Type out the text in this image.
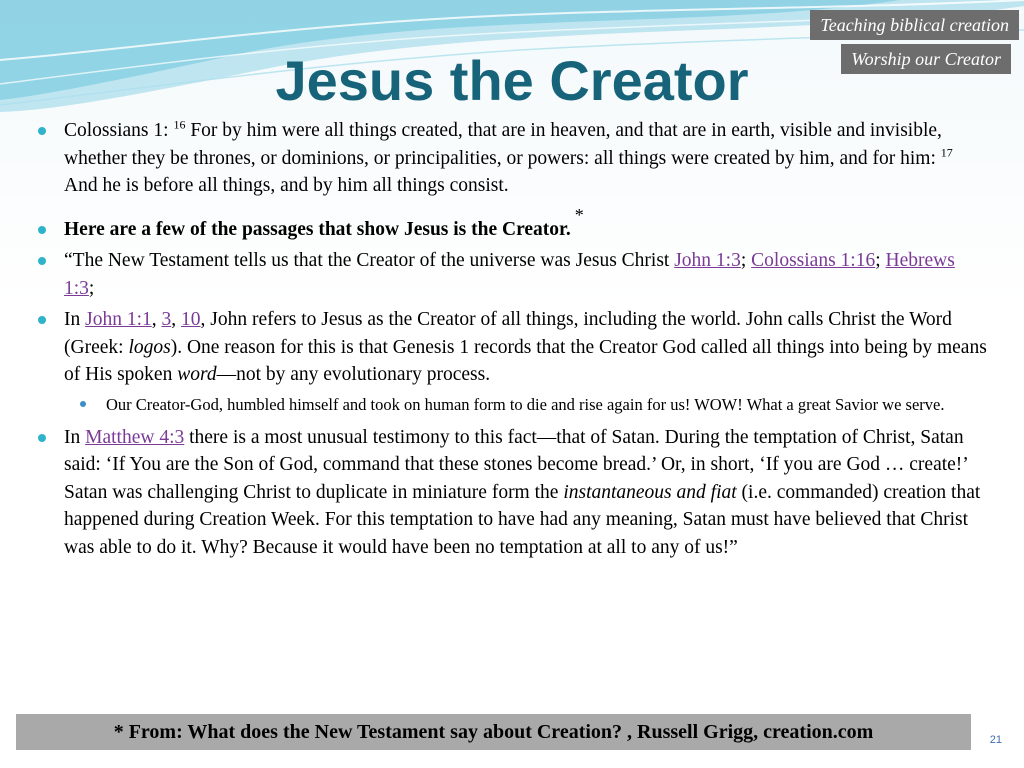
Teaching biblical creation
Worship our Creator
Jesus the Creator
Colossians 1: $^{16}$ For by him were all things created, that are in heaven, and that are in earth, visible and invisible, whether they be thrones, or dominions, or principalities, or powers: all things were created by him, and for him: $^{17}$ And he is before all things, and by him all things consist.
Here are a few of the passages that show Jesus is the Creator.*
“The New Testament tells us that the Creator of the universe was Jesus Christ John 1:3; Colossians 1:16; Hebrews 1:3;
In John 1:1, 3, 10, John refers to Jesus as the Creator of all things, including the world. John calls Christ the Word (Greek: logos). One reason for this is that Genesis 1 records that the Creator God called all things into being by means of His spoken word—not by any evolutionary process.
Our Creator-God, humbled himself and took on human form to die and rise again for us! WOW! What a great Savior we serve.
In Matthew 4:3 there is a most unusual testimony to this fact—that of Satan. During the temptation of Christ, Satan said: ‘If You are the Son of God, command that these stones become bread.’ Or, in short, ‘If you are God … create!’ Satan was challenging Christ to duplicate in miniature form the instantaneous and fiat (i.e. commanded) creation that happened during Creation Week. For this temptation to have had any meaning, Satan must have believed that Christ was able to do it. Why? Because it would have been no temptation at all to any of us!”
* From: What does the New Testament say about Creation? , Russell Grigg, creation.com	21
